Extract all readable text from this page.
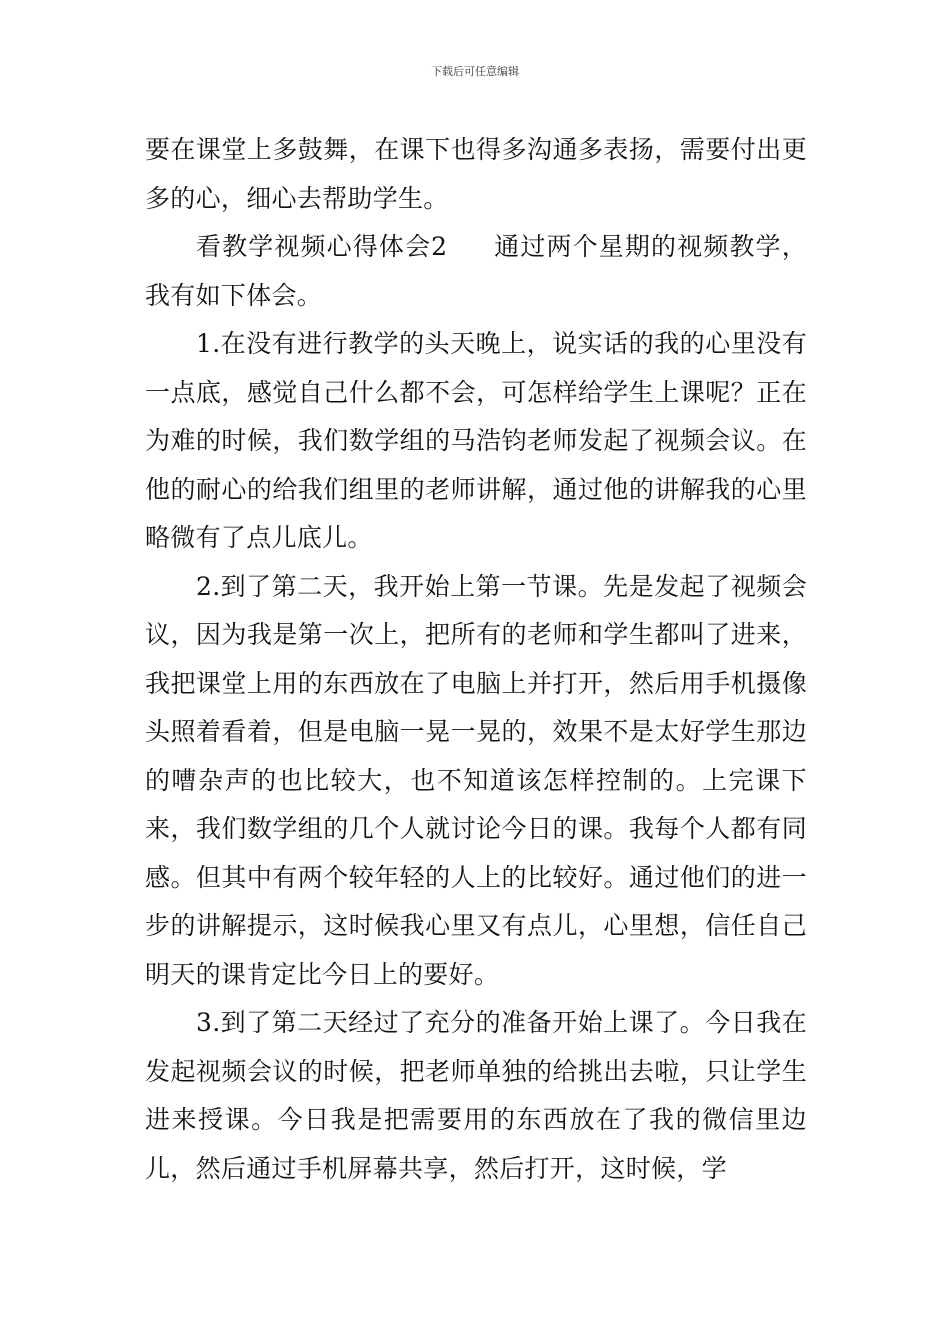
下载后可任意编辑

要在课堂上多鼓舞，在课下也得多沟通多表扬，需要付出更多的心，细心去帮助学生。

看教学视频心得体会2 通过两个星期的视频教学，我有如下体会。

1.在没有进行教学的头天晚上，说实话的我的心里没有一点底，感觉自己什么都不会，可怎样给学生上课呢？正在为难的时候，我们数学组的马浩钧老师发起了视频会议。在他的耐心的给我们组里的老师讲解，通过他的讲解我的心里略微有了点儿底儿。

2.到了第二天，我开始上第一节课。先是发起了视频会议，因为我是第一次上，把所有的老师和学生都叫了进来，我把课堂上用的东西放在了电脑上并打开，然后用手机摄像头照着看着，但是电脑一晃一晃的，效果不是太好学生那边的嘈杂声的也比较大，也不知道该怎样控制的。上完课下来，我们数学组的几个人就讨论今日的课。我每个人都有同感。但其中有两个较年轻的人上的比较好。通过他们的进一步的讲解提示，这时候我心里又有点儿，心里想，信任自己明天的课肯定比今日上的要好。

3.到了第二天经过了充分的准备开始上课了。今日我在发起视频会议的时候，把老师单独的给挑出去啦，只让学生进来授课。今日我是把需要用的东西放在了我的微信里边儿，然后通过手机屏幕共享，然后打开，这时候，学
